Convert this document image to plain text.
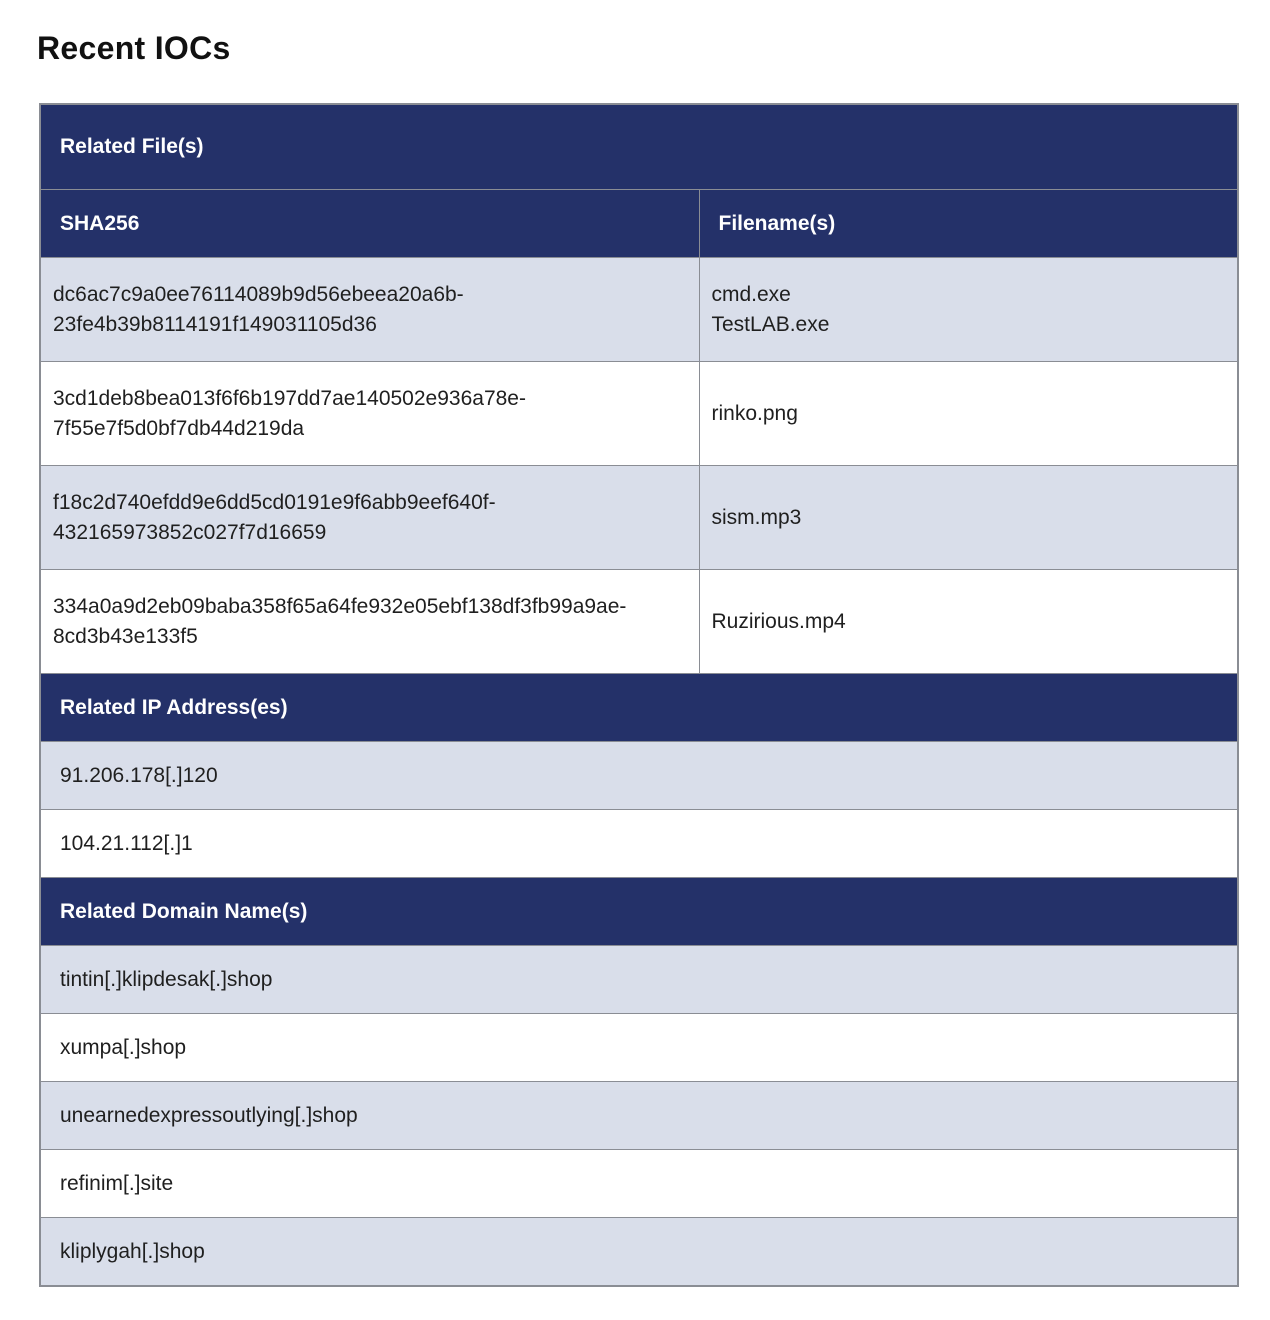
Recent IOCs
Related File(s)	
SHA256	Filename(s)

dc6ac7c9a0ee76114089b9d56ebeea20a6b-
23fe4b39b8114191f149031105d36	cmd.exe
TestLAB.exe

3cd1deb8bea013f6f6b197dd7ae140502e936a78e-
7f55e7f5d0bf7db44d219da	rinko.png

f18c2d740efdd9e6dd5cd0191e9f6abb9eef640f-
432165973852c027f7d16659	sism.mp3

334a0a9d2eb09baba358f65a64fe932e05ebf138df3fb99a9ae-
8cd3b43e133f5	Ruzirious.mp4

Related IP Address(es)	
91.206.178[.]120	
104.21.112[.]1	
Related Domain Name(s)	
tintin[.]klipdesak[.]shop	
xumpa[.]shop	
unearnedexpressoutlying[.]shop	
refinim[.]site	
kliplygah[.]shop	
